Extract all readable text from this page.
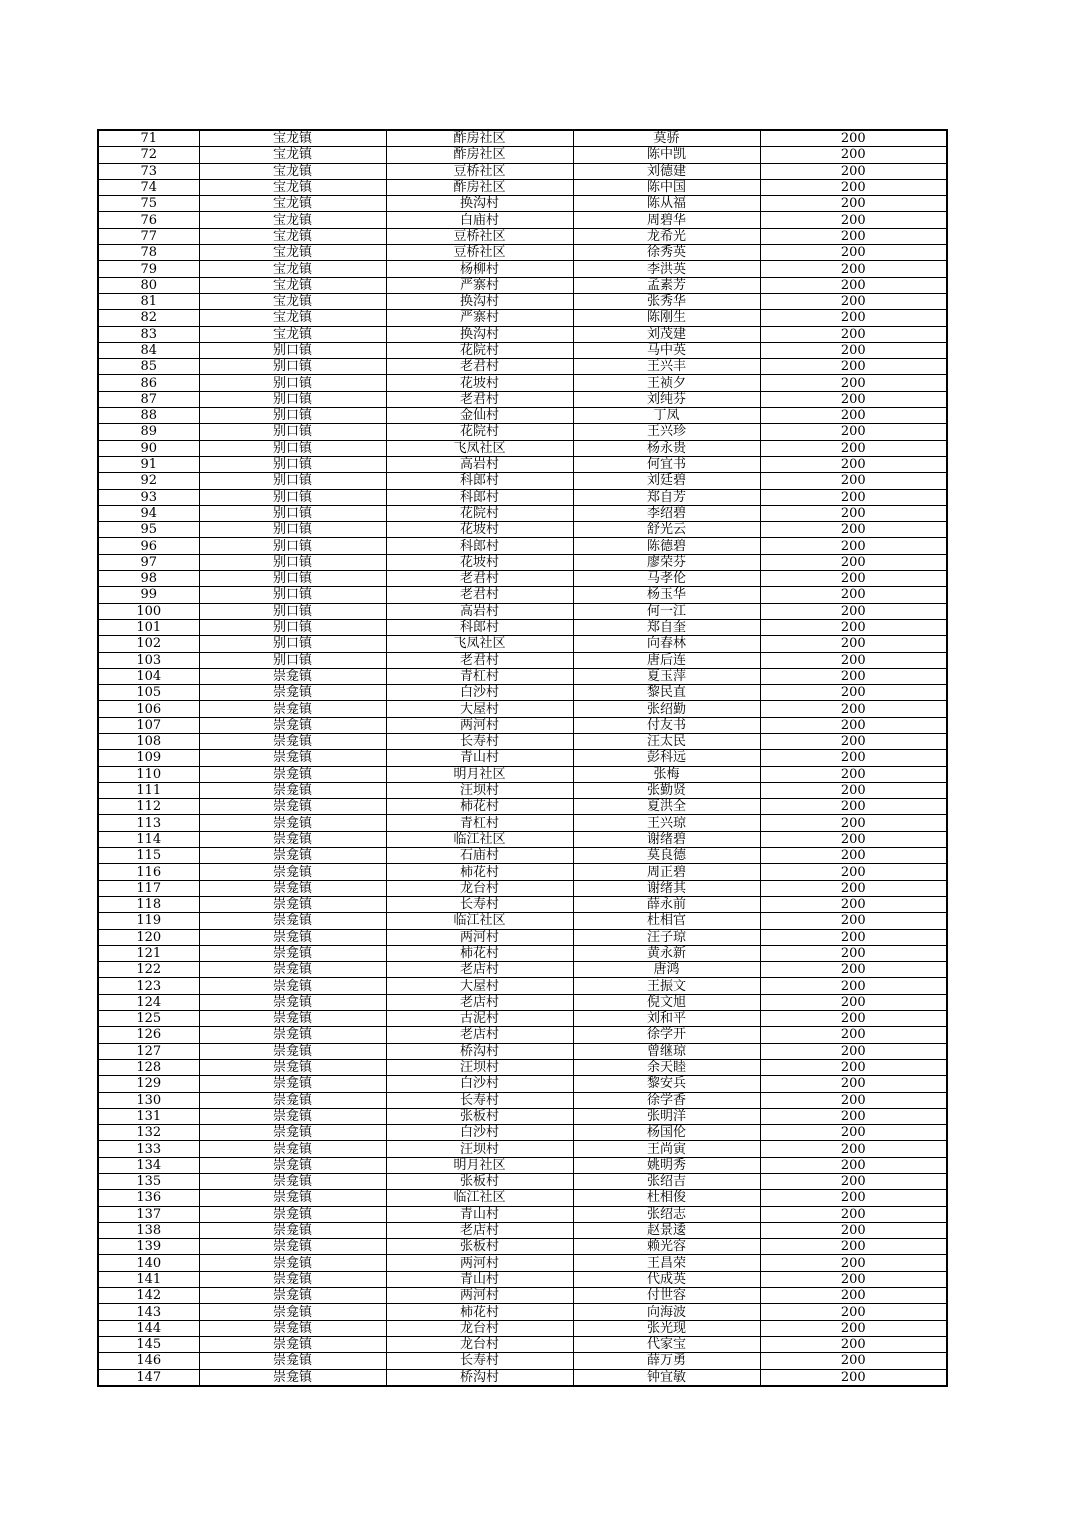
71	宝龙镇	酢房社区	莫骄	200
72	宝龙镇	酢房社区	陈中凯	200
73	宝龙镇	豆桥社区	刘德建	200
74	宝龙镇	酢房社区	陈中国	200
75	宝龙镇	换沟村	陈从福	200
76	宝龙镇	白庙村	周碧华	200
77	宝龙镇	豆桥社区	龙希光	200
78	宝龙镇	豆桥社区	徐秀英	200
79	宝龙镇	杨柳村	李洪英	200
80	宝龙镇	严寨村	孟素芳	200
81	宝龙镇	换沟村	张秀华	200
82	宝龙镇	严寨村	陈刚生	200
83	宝龙镇	换沟村	刘茂建	200
84	别口镇	花院村	马中英	200
85	别口镇	老君村	王兴丰	200
86	别口镇	花坡村	王祯夕	200
87	别口镇	老君村	刘纯芬	200
88	别口镇	金仙村	丁凤	200
89	别口镇	花院村	王兴珍	200
90	别口镇	飞凤社区	杨永贵	200
91	别口镇	高岩村	何宜书	200
92	别口镇	科郎村	刘廷碧	200
93	别口镇	科郎村	郑自芳	200
94	别口镇	花院村	李绍碧	200
95	别口镇	花坡村	舒光云	200
96	别口镇	科郎村	陈德碧	200
97	别口镇	花坡村	廖荣芬	200
98	别口镇	老君村	马孝伦	200
99	别口镇	老君村	杨玉华	200
100	别口镇	高岩村	何一江	200
101	别口镇	科郎村	郑自奎	200
102	别口镇	飞凤社区	向春林	200
103	别口镇	老君村	唐后连	200
104	崇龛镇	青杠村	夏玉萍	200
105	崇龛镇	白沙村	黎民直	200
106	崇龛镇	大屋村	张绍勤	200
107	崇龛镇	两河村	付友书	200
108	崇龛镇	长寿村	汪太民	200
109	崇龛镇	青山村	彭科远	200
110	崇龛镇	明月社区	张梅	200
111	崇龛镇	汪坝村	张勤贤	200
112	崇龛镇	柿花村	夏洪全	200
113	崇龛镇	青杠村	王兴琼	200
114	崇龛镇	临江社区	谢绪碧	200
115	崇龛镇	石庙村	莫良德	200
116	崇龛镇	柿花村	周正碧	200
117	崇龛镇	龙台村	谢绪其	200
118	崇龛镇	长寿村	薛永前	200
119	崇龛镇	临江社区	杜相官	200
120	崇龛镇	两河村	汪子琼	200
121	崇龛镇	柿花村	黄永新	200
122	崇龛镇	老店村	唐鸿	200
123	崇龛镇	大屋村	王振文	200
124	崇龛镇	老店村	倪文旭	200
125	崇龛镇	古泥村	刘和平	200
126	崇龛镇	老店村	徐学开	200
127	崇龛镇	桥沟村	曾继琼	200
128	崇龛镇	汪坝村	余天睦	200
129	崇龛镇	白沙村	黎安兵	200
130	崇龛镇	长寿村	徐学香	200
131	崇龛镇	张板村	张明洋	200
132	崇龛镇	白沙村	杨国伦	200
133	崇龛镇	汪坝村	王尚寅	200
134	崇龛镇	明月社区	姚明秀	200
135	崇龛镇	张板村	张绍吉	200
136	崇龛镇	临江社区	杜相俊	200
137	崇龛镇	青山村	张绍志	200
138	崇龛镇	老店村	赵景逶	200
139	崇龛镇	张板村	赖光容	200
140	崇龛镇	两河村	王昌荣	200
141	崇龛镇	青山村	代成英	200
142	崇龛镇	两河村	付世容	200
143	崇龛镇	柿花村	向海波	200
144	崇龛镇	龙台村	张光现	200
145	崇龛镇	龙台村	代家宝	200
146	崇龛镇	长寿村	薛万勇	200
147	崇龛镇	桥沟村	钟宜敏	200
